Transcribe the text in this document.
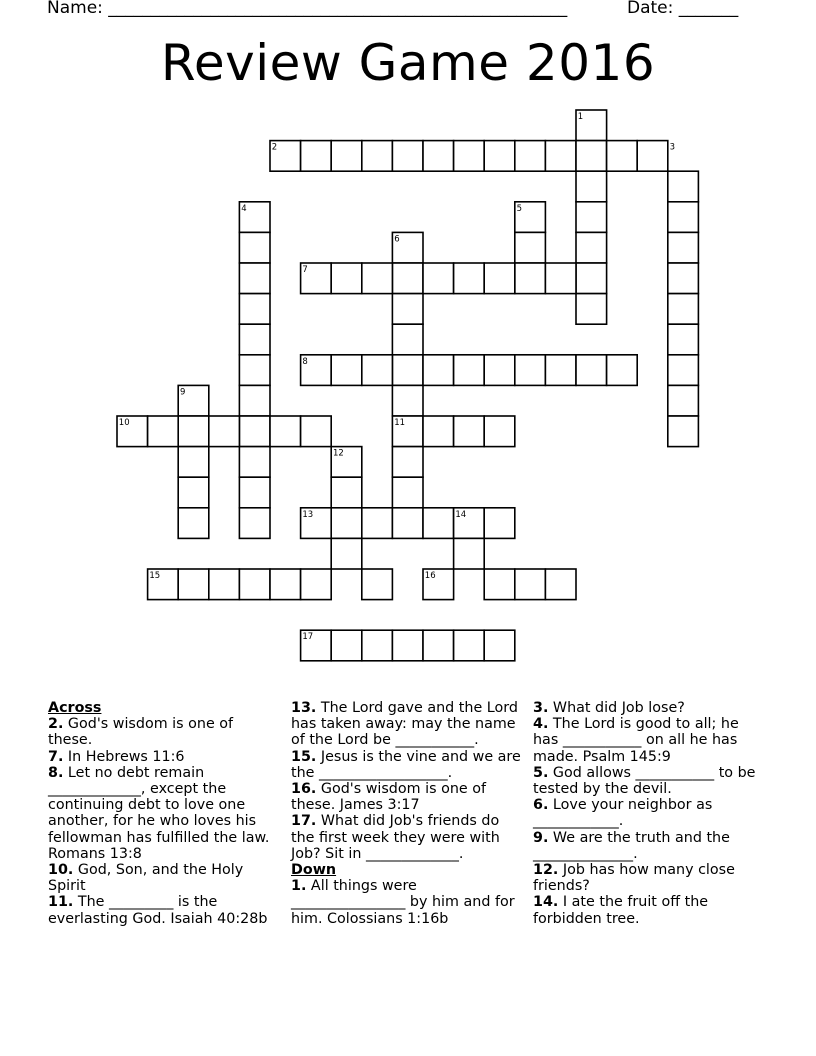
Name: ______________________________________________________	Date: _______
Review Game 2016
1
2	3
4	5
6
7
8
9
10	11
12
13	14
15	16
17
Across

2. God's wisdom is one of these.

7. In Hebrews 11:6

8. Let no debt remain _____________, except the continuing debt to love one another, for he who loves his fellowman has fulfilled the law. Romans 13:8

10. God, Son, and the Holy Spirit

11. The _________ is the everlasting God. Isaiah 40:28b

13. The Lord gave and the Lord has taken away: may the name of the Lord be ___________.

15. Jesus is the vine and we are the __________________.

16. God's wisdom is one of these. James 3:17

17. What did Job's friends do the first week they were with Job? Sit in _____________.

Down

1. All things were ________________ by him and for him. Colossians 1:16b

3. What did Job lose?

4. The Lord is good to all; he has ___________ on all he has made. Psalm 145:9

5. God allows ___________ to be tested by the devil.

6. Love your neighbor as ____________.

9. We are the truth and the ______________.

12. Job has how many close friends?

14. I ate the fruit off the forbidden tree.
